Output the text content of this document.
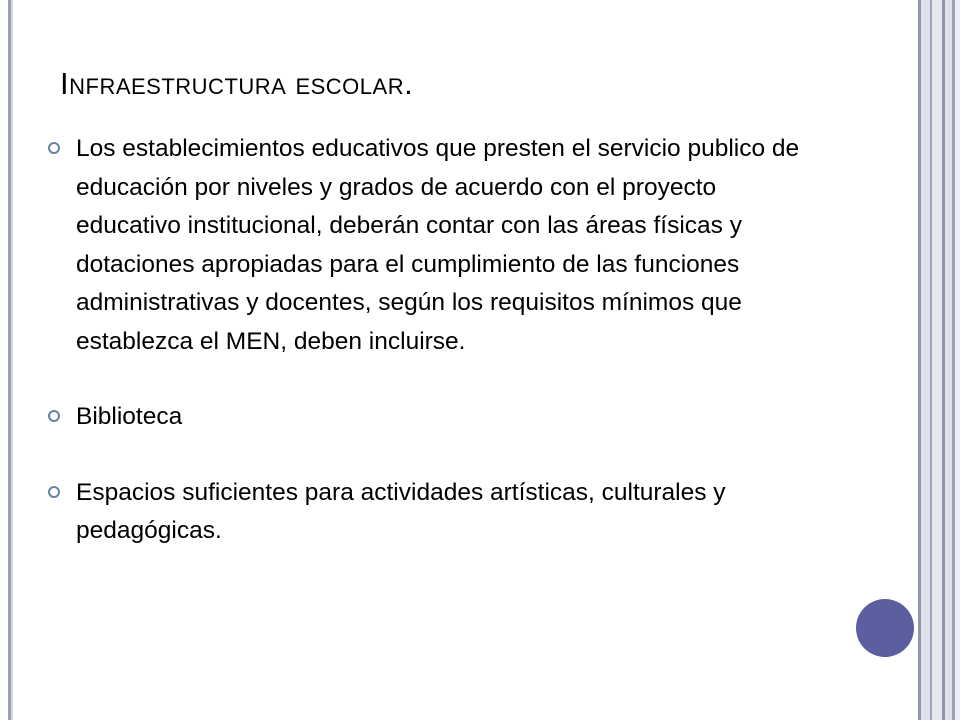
Infraestructura escolar.
Los establecimientos educativos que presten el servicio publico de educación por niveles y grados de acuerdo con el proyecto educativo institucional, deberán contar con las áreas físicas y dotaciones apropiadas para el cumplimiento de las funciones administrativas y docentes, según los requisitos mínimos que establezca el MEN, deben incluirse.
Biblioteca
Espacios suficientes para actividades artísticas, culturales y pedagógicas.
